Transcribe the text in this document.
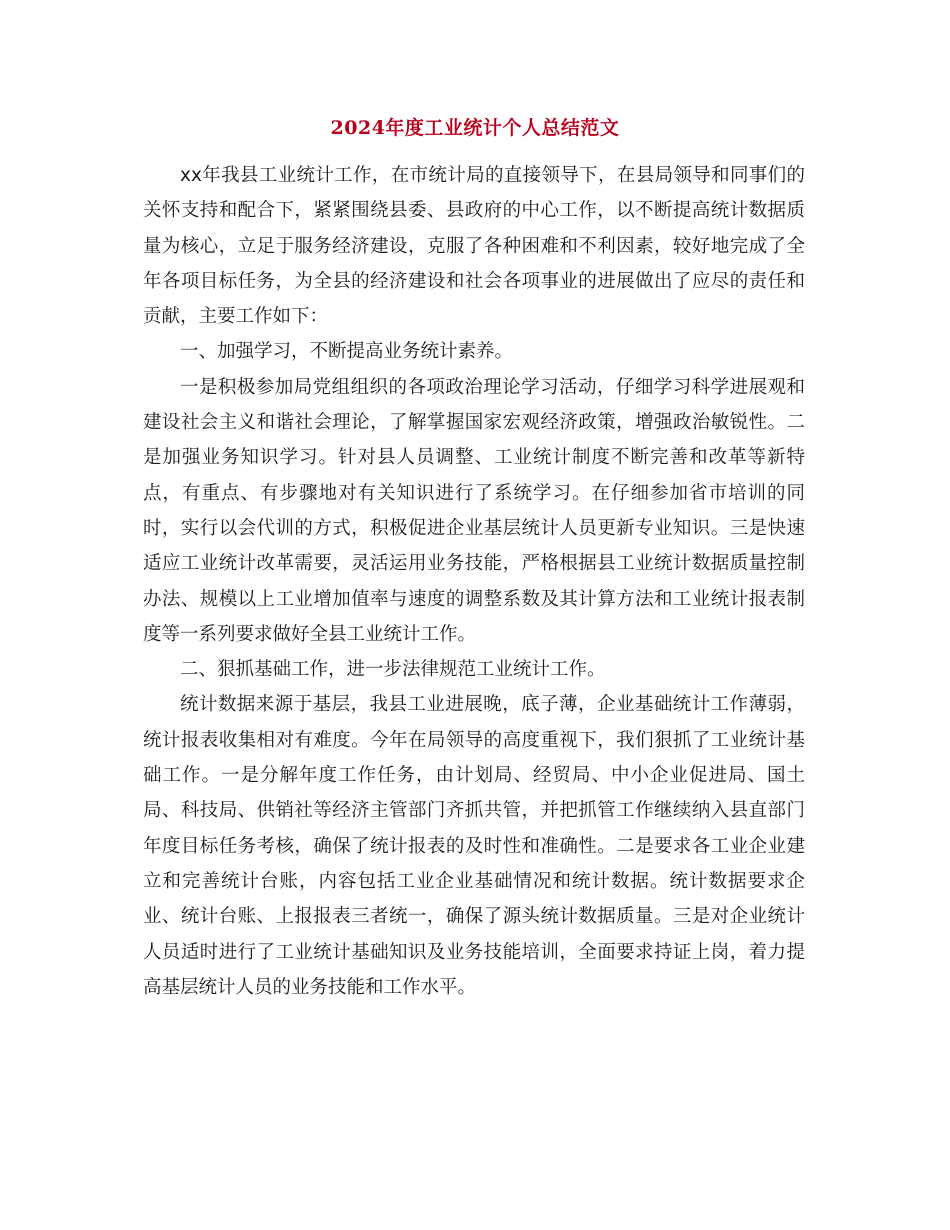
2024年度工业统计个人总结范文

xx年我县工业统计工作，在市统计局的直接领导下，在县局领导和同事们的关怀支持和配合下，紧紧围绕县委、县政府的中心工作，以不断提高统计数据质量为核心，立足于服务经济建设，克服了各种困难和不利因素，较好地完成了全年各项目标任务，为全县的经济建设和社会各项事业的进展做出了应尽的责任和贡献，主要工作如下：

一、加强学习，不断提高业务统计素养。

一是积极参加局党组组织的各项政治理论学习活动，仔细学习科学进展观和建设社会主义和谐社会理论，了解掌握国家宏观经济政策，增强政治敏锐性。二是加强业务知识学习。针对县人员调整、工业统计制度不断完善和改革等新特点，有重点、有步骤地对有关知识进行了系统学习。在仔细参加省市培训的同时，实行以会代训的方式，积极促进企业基层统计人员更新专业知识。三是快速适应工业统计改革需要，灵活运用业务技能，严格根据县工业统计数据质量控制办法、规模以上工业增加值率与速度的调整系数及其计算方法和工业统计报表制度等一系列要求做好全县工业统计工作。

二、狠抓基础工作，进一步法律规范工业统计工作。

统计数据来源于基层，我县工业进展晚，底子薄，企业基础统计工作薄弱，统计报表收集相对有难度。今年在局领导的高度重视下，我们狠抓了工业统计基础工作。一是分解年度工作任务，由计划局、经贸局、中小企业促进局、国土局、科技局、供销社等经济主管部门齐抓共管，并把抓管工作继续纳入县直部门年度目标任务考核，确保了统计报表的及时性和准确性。二是要求各工业企业建立和完善统计台账，内容包括工业企业基础情况和统计数据。统计数据要求企业、统计台账、上报报表三者统一，确保了源头统计数据质量。三是对企业统计人员适时进行了工业统计基础知识及业务技能培训，全面要求持证上岗，着力提高基层统计人员的业务技能和工作水平。
